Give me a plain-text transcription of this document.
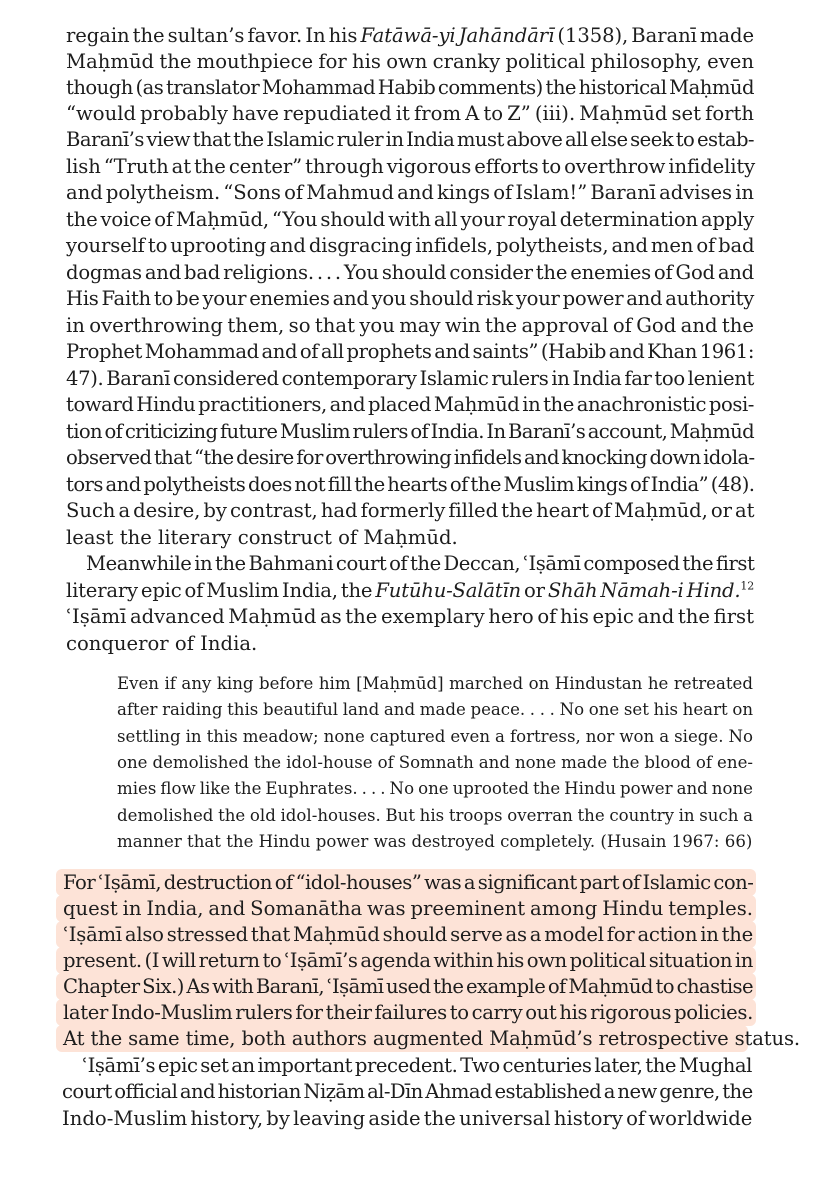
regain the sultan’s favor. In his Fatāwā-yi Jahāndārī (1358), Baranī made
Maḥmūd the mouthpiece for his own cranky political philosophy, even
though (as translator Mohammad Habib comments) the historical Maḥmūd
“would probably have repudiated it from A to Z” (iii). Maḥmūd set forth
Baranī’s view that the Islamic ruler in India must above all else seek to estab-
lish “Truth at the center” through vigorous efforts to overthrow infidelity
and polytheism. “Sons of Mahmud and kings of Islam!” Baranī advises in
the voice of Maḥmūd, “You should with all your royal determination apply
yourself to uprooting and disgracing infidels, polytheists, and men of bad
dogmas and bad religions. . . . You should consider the enemies of God and
His Faith to be your enemies and you should risk your power and authority
in overthrowing them, so that you may win the approval of God and the
Prophet Mohammad and of all prophets and saints” (Habib and Khan 1961:
47). Baranī considered contemporary Islamic rulers in India far too lenient
toward Hindu practitioners, and placed Maḥmūd in the anachronistic posi-
tion of criticizing future Muslim rulers of India. In Baranī’s account, Maḥmūd
observed that “the desire for overthrowing infidels and knocking down idola-
tors and polytheists does not fill the hearts of the Muslim kings of India” (48).
Such a desire, by contrast, had formerly filled the heart of Maḥmūd, or at
least the literary construct of Maḥmūd.
Meanwhile in the Bahmani court of the Deccan, ʿIṣāmī composed the first
literary epic of Muslim India, the Futūhu-Salātīn or Shāh Nāmah-i Hind.$^{12}$
ʿIṣāmī advanced Maḥmūd as the exemplary hero of his epic and the first
conqueror of India.
Even if any king before him [Maḥmūd] marched on Hindustan he retreated
after raiding this beautiful land and made peace. . . . No one set his heart on
settling in this meadow; none captured even a fortress, nor won a siege. No
one demolished the idol-house of Somnath and none made the blood of ene-
mies flow like the Euphrates. . . . No one uprooted the Hindu power and none
demolished the old idol-houses. But his troops overran the country in such a
manner that the Hindu power was destroyed completely. (Husain 1967: 66)
For ʿIṣāmī, destruction of “idol-houses” was a significant part of Islamic con-
quest in India, and Somanātha was preeminent among Hindu temples.
ʿIṣāmī also stressed that Maḥmūd should serve as a model for action in the
present. (I will return to ʿIṣāmī’s agenda within his own political situation in
Chapter Six.) As with Baranī, ʿIṣāmī used the example of Maḥmūd to chastise
later Indo-Muslim rulers for their failures to carry out his rigorous policies.
At the same time, both authors augmented Maḥmūd’s retrospective status.
ʿIṣāmī’s epic set an important precedent. Two centuries later, the Mughal
court official and historian Niẓām al-Dīn Ahmad established a new genre, the
Indo-Muslim history, by leaving aside the universal history of worldwide
